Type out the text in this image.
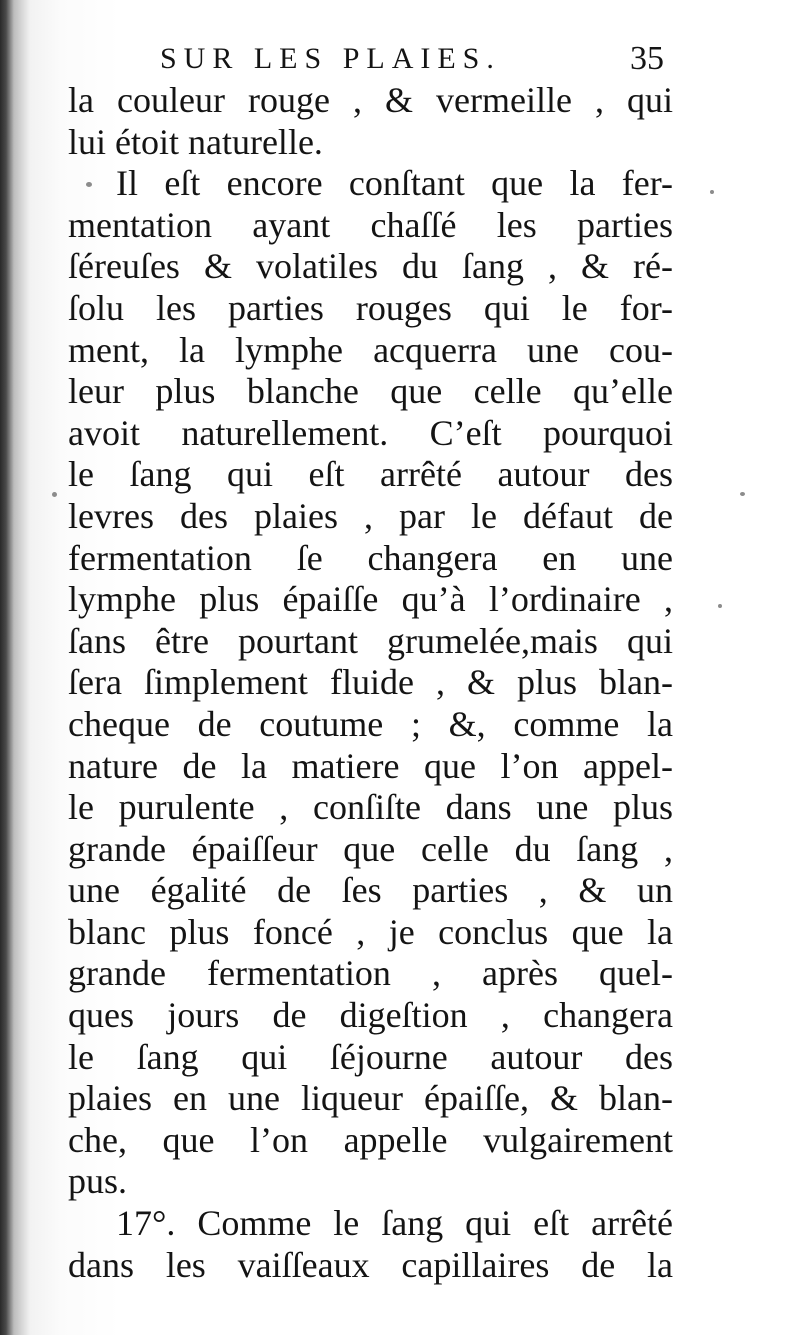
SUR LES PLAIES.	35
la couleur rouge , & vermeille , qui
lui étoit naturelle.
Il eſt encore conſtant que la fer-
mentation ayant chaſſé les parties
ſéreuſes & volatiles du ſang , & ré-
ſolu les parties rouges qui le for-
ment, la lymphe acquerra une cou-
leur plus blanche que celle qu’elle
avoit naturellement. C’eſt pourquoi
le ſang qui eſt arrêté autour des
levres des plaies , par le défaut de
fermentation ſe changera en une
lymphe plus épaiſſe qu’à l’ordinaire ,
ſans être pourtant grumelée,mais qui
ſera ſimplement fluide , & plus blan-
cheque de coutume ; &, comme la
nature de la matiere que l’on appel-
le purulente , conſiſte dans une plus
grande épaiſſeur que celle du ſang ,
une égalité de ſes parties , & un
blanc plus foncé , je conclus que la
grande fermentation , après quel-
ques jours de digeſtion , changera
le ſang qui ſéjourne autour des
plaies en une liqueur épaiſſe, & blan-
che, que l’on appelle vulgairement
pus.
17°. Comme le ſang qui eſt arrêté
dans les vaiſſeaux capillaires de la
